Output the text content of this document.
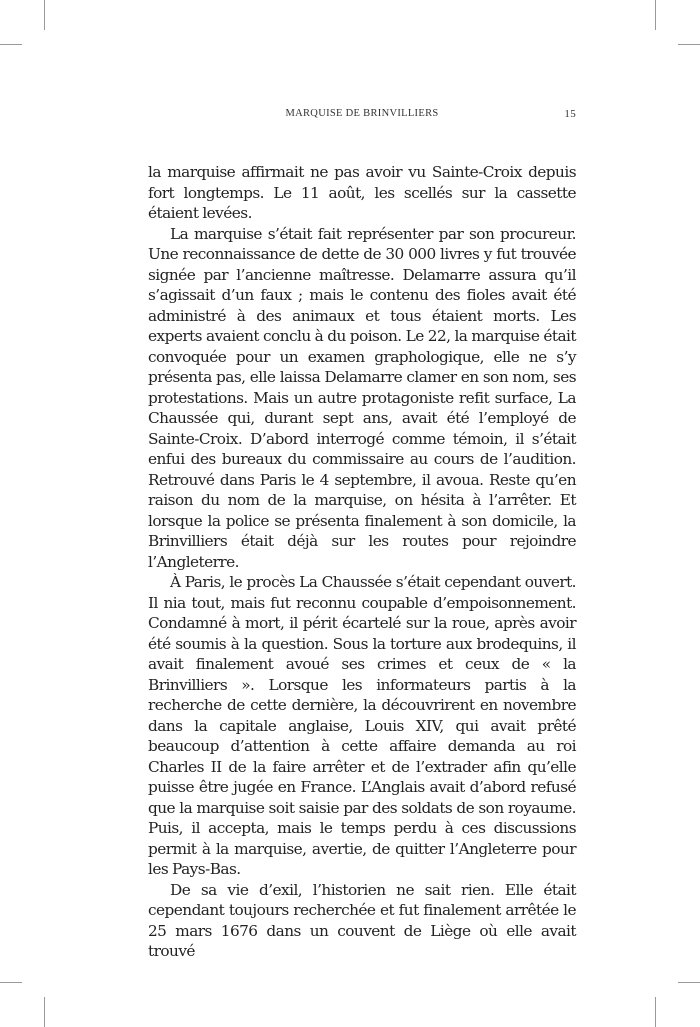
MARQUISE DE BRINVILLIERS	15

la marquise affirmait ne pas avoir vu Sainte-Croix depuis fort longtemps. Le 11 août, les scellés sur la cassette étaient levées.

La marquise s’était fait représenter par son procureur. Une reconnaissance de dette de 30 000 livres y fut trouvée signée par l’ancienne maîtresse. Delamarre assura qu’il s’agissait d’un faux ; mais le contenu des fioles avait été administré à des animaux et tous étaient morts. Les experts avaient conclu à du poison. Le 22, la marquise était convoquée pour un examen graphologique, elle ne s’y présenta pas, elle laissa Delamarre clamer en son nom, ses protestations. Mais un autre protagoniste refit surface, La Chaussée qui, durant sept ans, avait été l’employé de Sainte-Croix. D’abord interrogé comme témoin, il s’était enfui des bureaux du commissaire au cours de l’audition. Retrouvé dans Paris le 4 septembre, il avoua. Reste qu’en raison du nom de la marquise, on hésita à l’arrêter. Et lorsque la police se présenta finalement à son domicile, la Brinvilliers était déjà sur les routes pour rejoindre l’Angleterre.

À Paris, le procès La Chaussée s’était cependant ouvert. Il nia tout, mais fut reconnu coupable d’empoisonnement. Condamné à mort, il périt écartelé sur la roue, après avoir été soumis à la question. Sous la torture aux brodequins, il avait finalement avoué ses crimes et ceux de « la Brinvilliers ». Lorsque les informateurs partis à la recherche de cette dernière, la découvrirent en novembre dans la capitale anglaise, Louis XIV, qui avait prêté beaucoup d’attention à cette affaire demanda au roi Charles II de la faire arrêter et de l’extrader afin qu’elle puisse être jugée en France. L’Anglais avait d’abord refusé que la marquise soit saisie par des soldats de son royaume. Puis, il accepta, mais le temps perdu à ces discussions permit à la marquise, avertie, de quitter l’Angleterre pour les Pays-Bas.

De sa vie d’exil, l’historien ne sait rien. Elle était cependant toujours recherchée et fut finalement arrêtée le 25 mars 1676 dans un couvent de Liège où elle avait trouvé
